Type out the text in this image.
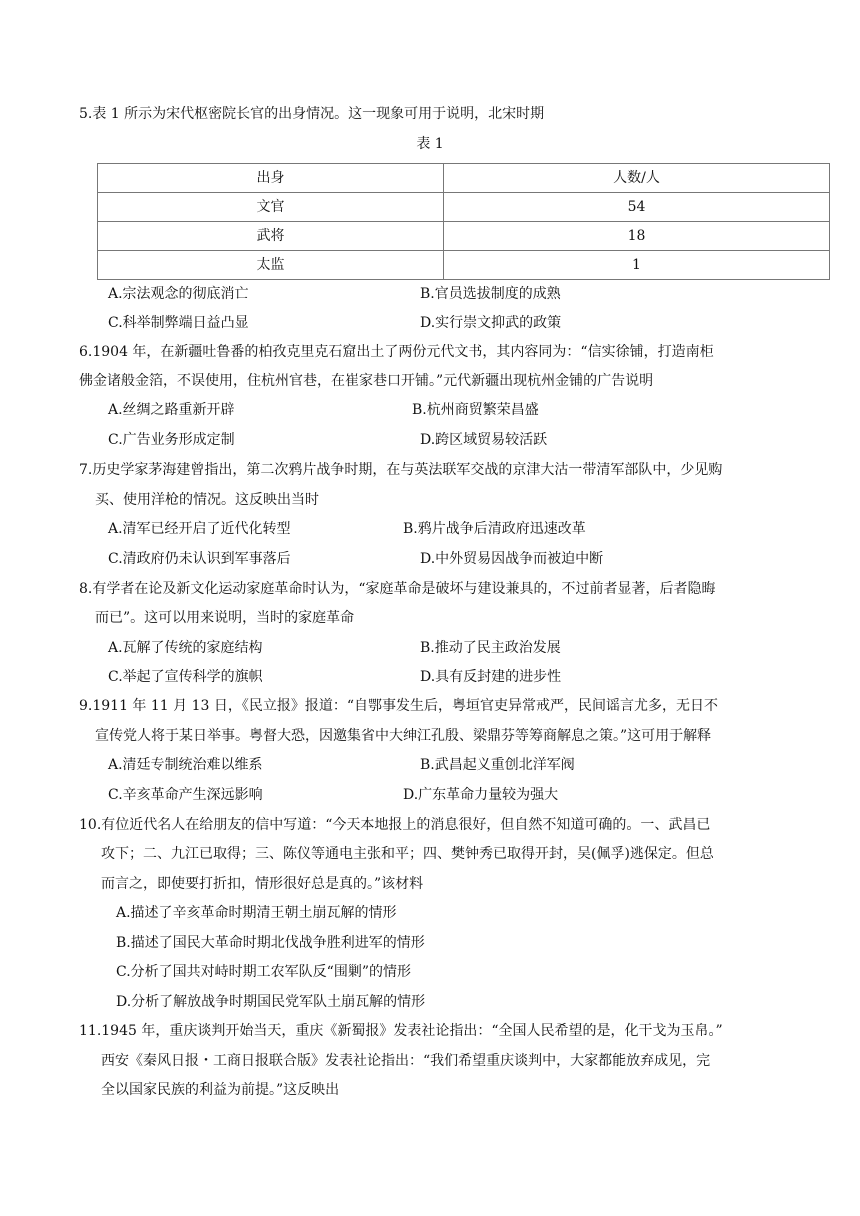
5.表 1 所示为宋代枢密院长官的出身情况。这一现象可用于说明，北宋时期
表 1
出身	人数/人
文官	54
武将	18
太监	1
A.宗法观念的彻底消亡	B.官员选拔制度的成熟
C.科举制弊端日益凸显	D.实行崇文抑武的政策
6.1904 年，在新疆吐鲁番的柏孜克里克石窟出土了两份元代文书，其内容同为：“信实徐铺，打造南柜
佛金诸般金箔，不误使用，住杭州官巷，在崔家巷口开铺。”元代新疆出现杭州金铺的广告说明
A.丝绸之路重新开辟	B.杭州商贸繁荣昌盛
C.广告业务形成定制	D.跨区域贸易较活跃
7.历史学家茅海建曾指出，第二次鸦片战争时期，在与英法联军交战的京津大沽一带清军部队中，少见购
买、使用洋枪的情况。这反映出当时
A.清军已经开启了近代化转型	B.鸦片战争后清政府迅速改革
C.清政府仍未认识到军事落后	D.中外贸易因战争而被迫中断
8.有学者在论及新文化运动家庭革命时认为，“家庭革命是破坏与建设兼具的，不过前者显著，后者隐晦
而已”。这可以用来说明，当时的家庭革命
A.瓦解了传统的家庭结构	B.推动了民主政治发展
C.举起了宣传科学的旗帜	D.具有反封建的进步性
9.1911 年 11 月 13 日，《民立报》报道：“自鄂事发生后，粤垣官吏异常戒严，民间谣言尤多，无日不
宣传党人将于某日举事。粤督大恐，因邀集省中大绅江孔殷、梁鼎芬等筹商解息之策。”这可用于解释
A.清廷专制统治难以维系	B.武昌起义重创北洋军阀
C.辛亥革命产生深远影响	D.广东革命力量较为强大
10.有位近代名人在给朋友的信中写道：“今天本地报上的消息很好，但自然不知道可确的。一、武昌已
攻下；二、九江已取得；三、陈仪等通电主张和平；四、樊钟秀已取得开封，吴(佩孚)逃保定。但总
而言之，即使要打折扣，情形很好总是真的。”该材料
A.描述了辛亥革命时期清王朝土崩瓦解的情形
B.描述了国民大革命时期北伐战争胜利进军的情形
C.分析了国共对峙时期工农军队反“围剿”的情形
D.分析了解放战争时期国民党军队土崩瓦解的情形
11.1945 年，重庆谈判开始当天，重庆《新蜀报》发表社论指出：“全国人民希望的是，化干戈为玉帛。”
西安《秦风日报・工商日报联合版》发表社论指出：“我们希望重庆谈判中，大家都能放弃成见，完
全以国家民族的利益为前提。”这反映出
